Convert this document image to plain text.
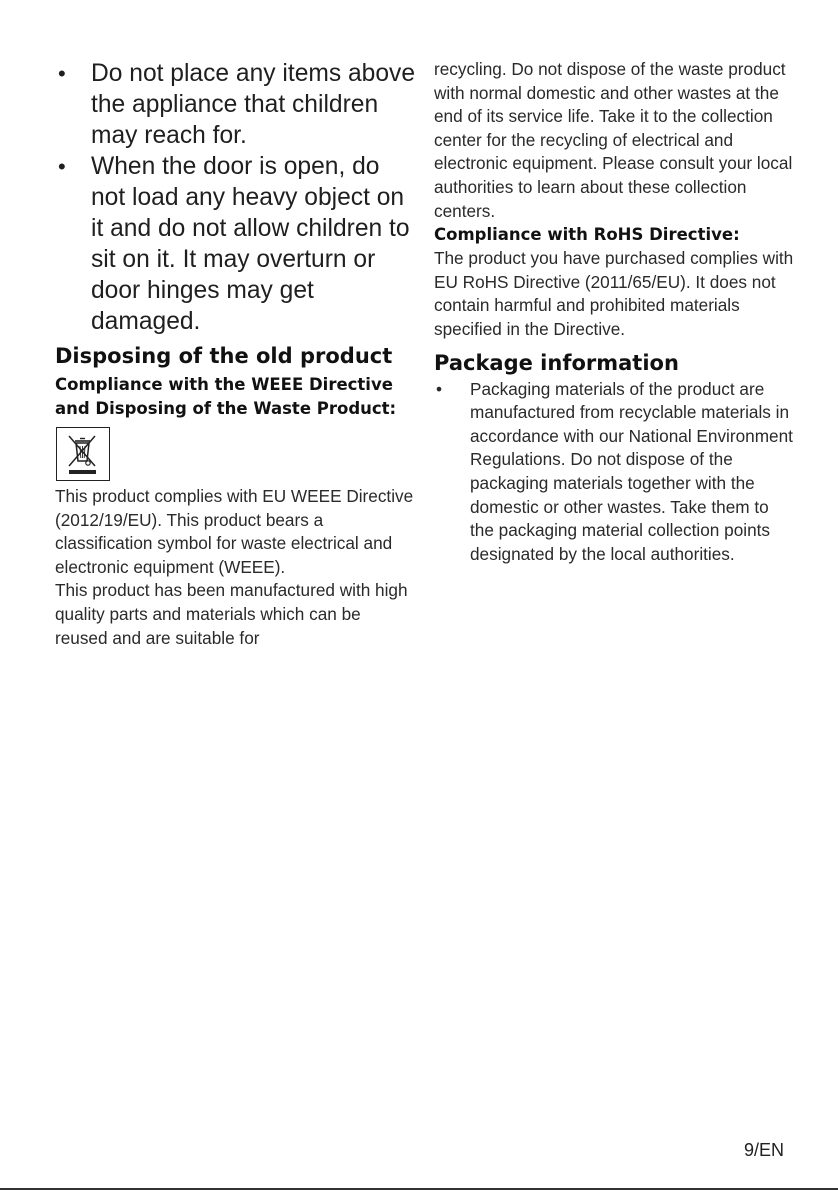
• Do not place any items above the appliance that children may reach for.
• When the door is open, do not load any heavy object on it and do not allow children to sit on it. It may overturn or door hinges may get damaged.
Disposing of the old product
Compliance with the WEEE Directive and Disposing of the Waste Product:

This product complies with EU WEEE Directive (2012/19/EU). This product bears a classification symbol for waste electrical and electronic equipment (WEEE).

This product has been manufactured with high quality parts and materials which can be reused and are suitable for

recycling. Do not dispose of the waste product with normal domestic and other wastes at the end of its service life. Take it to the collection center for the recycling of electrical and electronic equipment. Please consult your local authorities to learn about these collection centers.

Compliance with RoHS Directive:

The product you have purchased complies with EU RoHS Directive (2011/65/EU). It does not contain harmful and prohibited materials specified in the Directive.

Package information
• Packaging materials of the product are manufactured from recyclable materials in accordance with our National Environment Regulations. Do not dispose of the packaging materials together with the domestic or other wastes. Take them to the packaging material collection points designated by the local authorities.
9/EN
